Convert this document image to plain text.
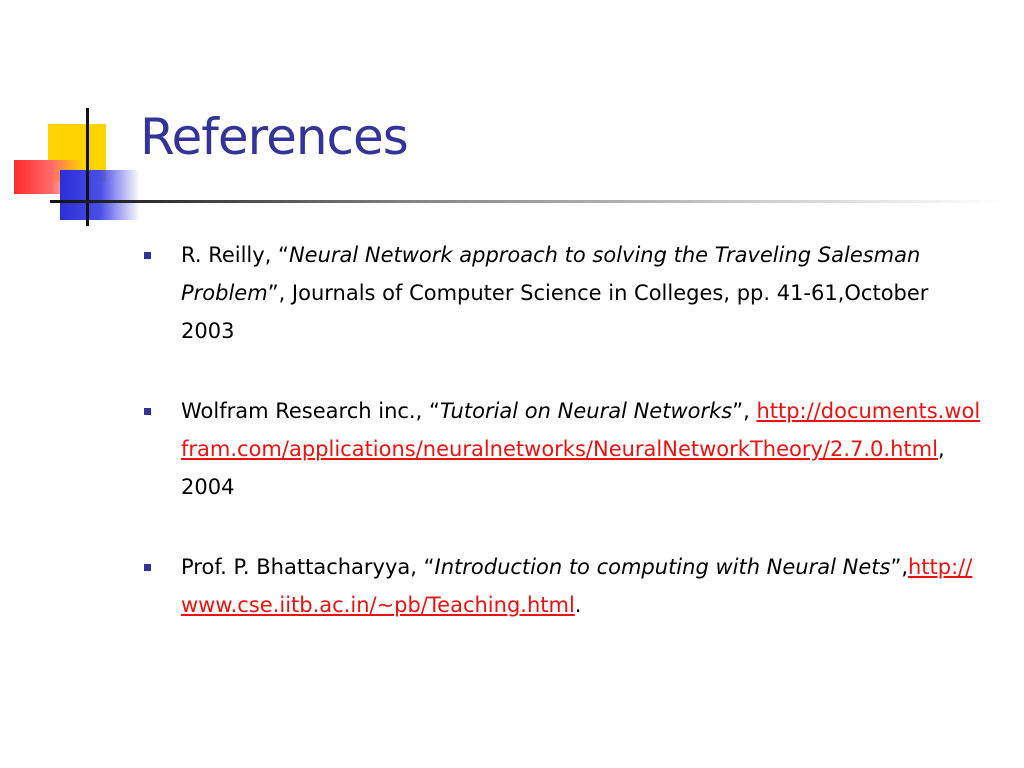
References
R. Reilly, “Neural Network approach to solving the Traveling Salesman Problem”, Journals of Computer Science in Colleges, pp. 41-61,October 2003
Wolfram Research inc., “Tutorial on Neural Networks”, http://documents.wolfram.com/applications/neuralnetworks/NeuralNetworkTheory/2.7.0.html, 2004
Prof. P. Bhattacharyya, “Introduction to computing with Neural Nets”,http://www.cse.iitb.ac.in/~pb/Teaching.html.
